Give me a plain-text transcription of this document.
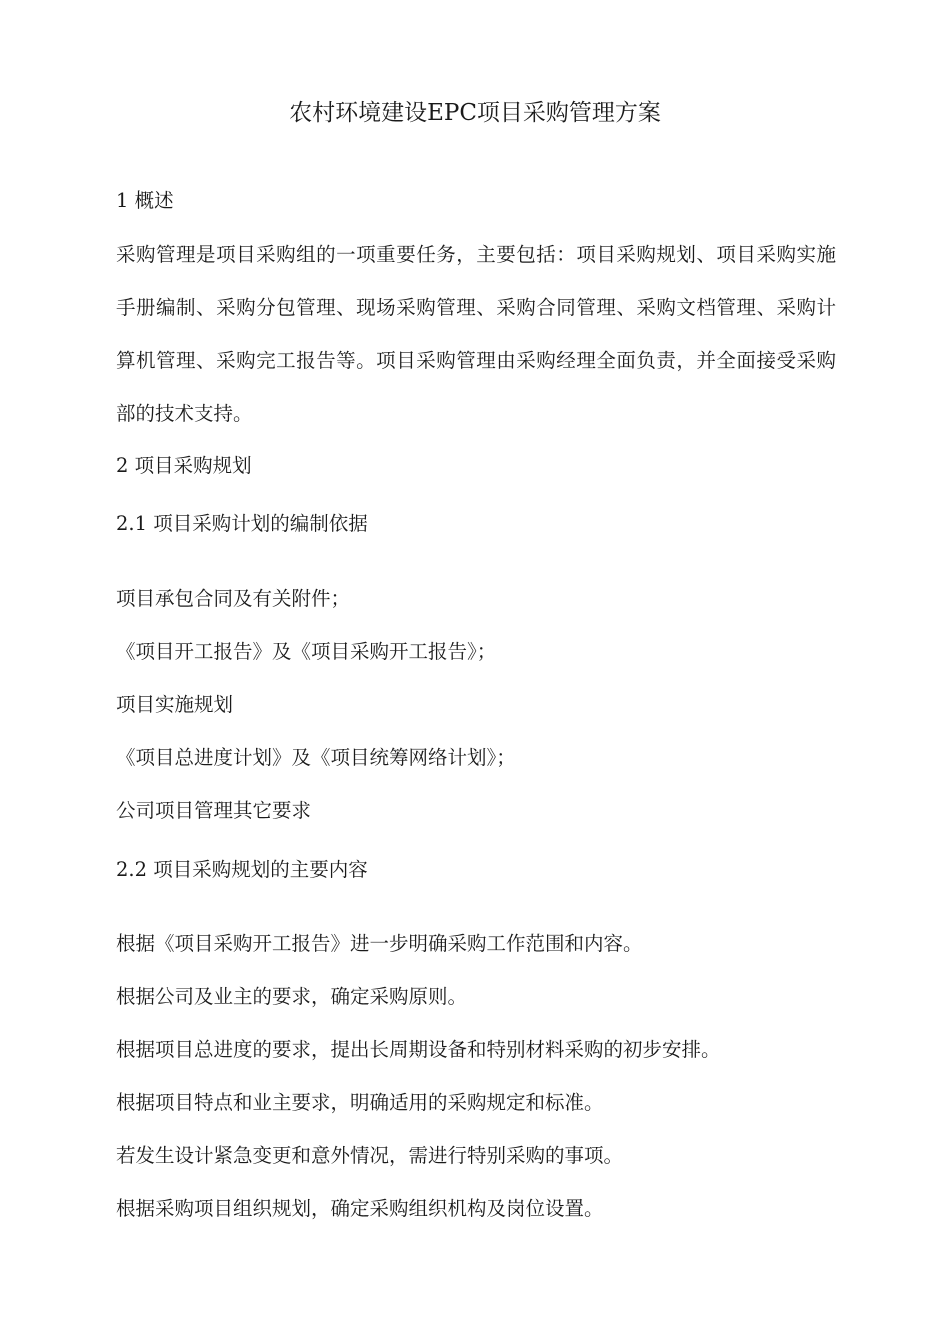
农村环境建设EPC项目采购管理方案
1 概述
采购管理是项目采购组的一项重要任务，主要包括：项目采购规划、项目采购实施手册编制、采购分包管理、现场采购管理、采购合同管理、采购文档管理、采购计算机管理、采购完工报告等。项目采购管理由采购经理全面负责，并全面接受采购部的技术支持。
2 项目采购规划
2.1 项目采购计划的编制依据
项目承包合同及有关附件；
《项目开工报告》及《项目采购开工报告》；
项目实施规划
《项目总进度计划》及《项目统筹网络计划》；
公司项目管理其它要求
2.2 项目采购规划的主要内容
根据《项目采购开工报告》进一步明确采购工作范围和内容。
根据公司及业主的要求，确定采购原则。
根据项目总进度的要求，提出长周期设备和特别材料采购的初步安排。
根据项目特点和业主要求，明确适用的采购规定和标准。
若发生设计紧急变更和意外情况，需进行特别采购的事项。
根据采购项目组织规划，确定采购组织机构及岗位设置。
